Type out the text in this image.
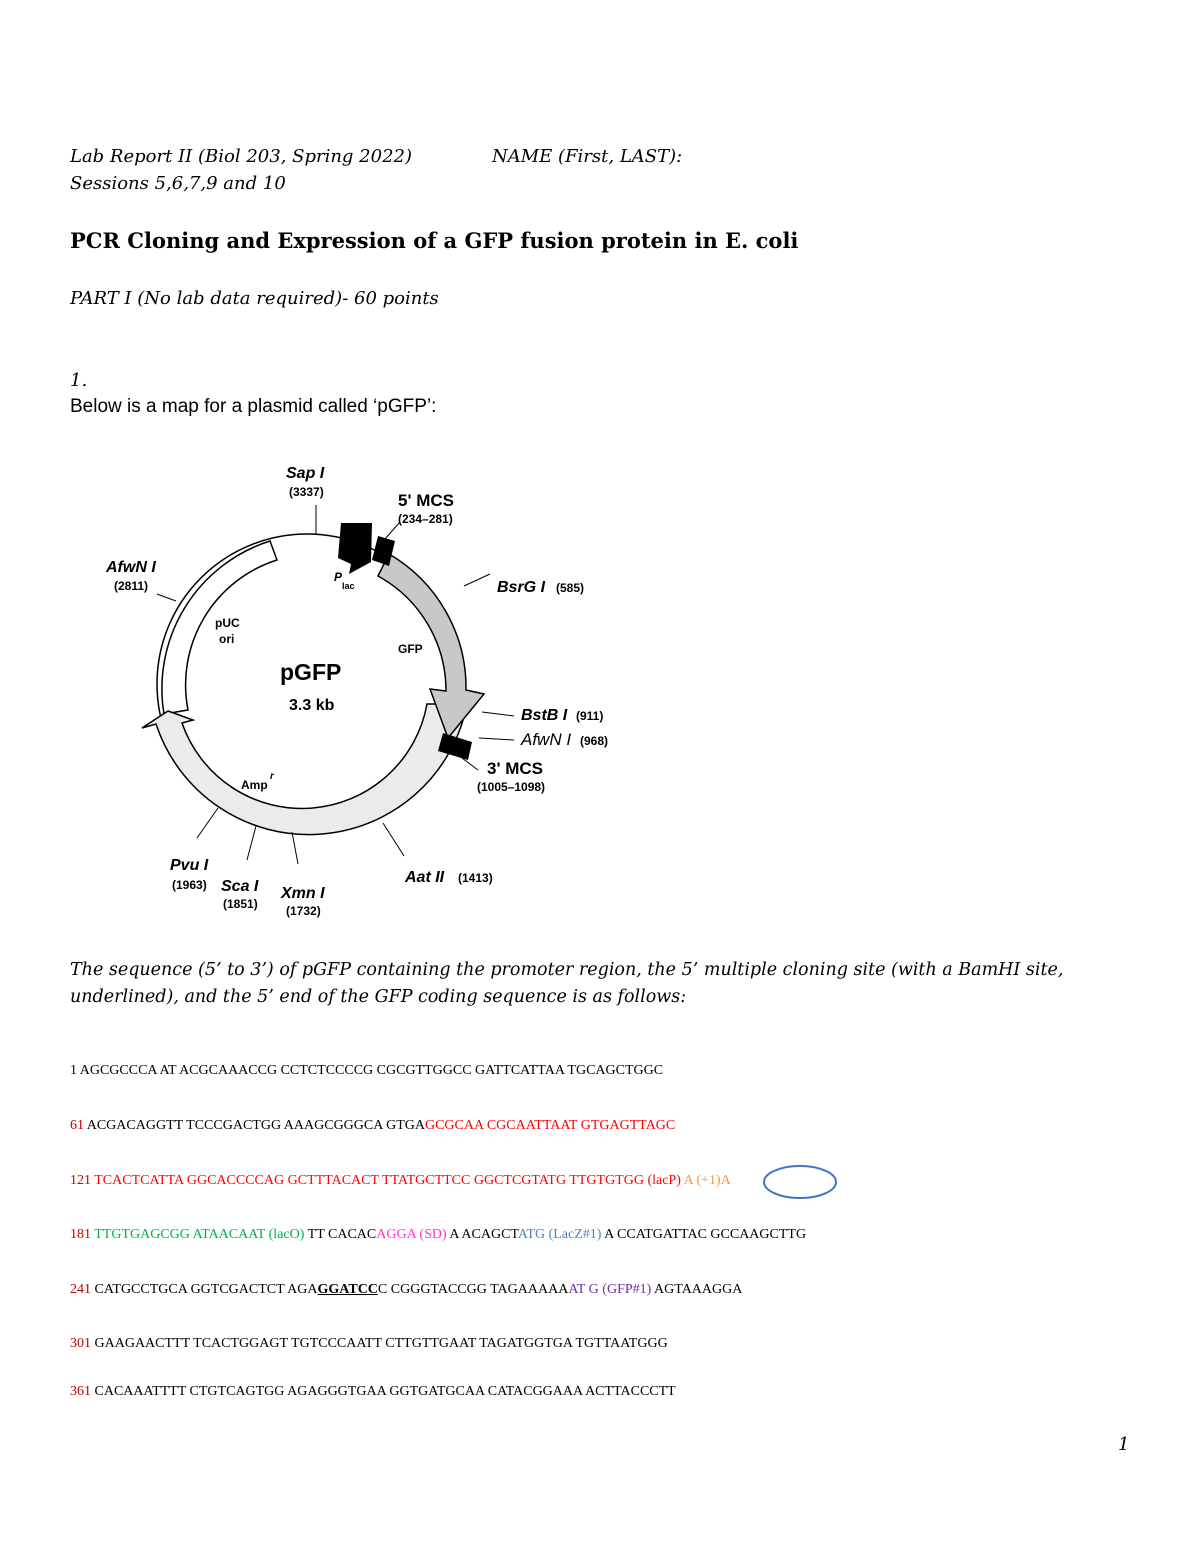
Lab Report II (Biol 203, Spring 2022)	NAME (First, LAST):
Sessions 5,6,7,9 and 10
PCR Cloning and Expression of a GFP fusion protein in E. coli
PART I (No lab data required)- 60 points
1.
Below is a map for a plasmid called ‘pGFP’:
pGFP
3.3 kb
GFP
pUC
ori
Amp
r
P
lac
Sap I
(3337)	5' MCS
(234–281)
BsrG I (585)
BstB I (911)
AfwN I (968)
3' MCS
(1005–1098)
Aat II (1413)
Xmn I
(1732)
Sca I
(1851)
Pvu I
(1963)
AfwN I
(2811)
The sequence (5’ to 3’) of pGFP containing the promoter region, the 5’ multiple cloning site (with a BamHI site, underlined), and the 5’ end of the GFP coding sequence is as follows:
1 AGCGCCCA AT ACGCAAACCG CCTCTCCCCG CGCGTTGGCC GATTCATTAA TGCAGCTGGC
61 ACGACAGGTT TCCCGACTGG AAAGCGGGCA GTGAGCGCAA CGCAATTAAT GTGAGTTAGC
121 TCACTCATTA GGCACCCCAG GCTTTACACT TTATGCTTCC GGCTCGTATG TTGTGTGG (lacP) A (+1)A
181 TTGTGAGCGG ATAACAAT (lacO) TT CACACAGGA (SD) A ACAGCTATG (LacZ#1) A CCATGATTAC GCCAAGCTTG
241 CATGCCTGCA GGTCGACTCT AGAGGATCCC CGGGTACCGG TAGAAAAAAT G (GFP#1) AGTAAAGGA
301 GAAGAACTTT TCACTGGAGT TGTCCCAATT CTTGTTGAAT TAGATGGTGA TGTTAATGGG
361 CACAAATTTT CTGTCAGTGG AGAGGGTGAA GGTGATGCAA CATACGGAAA ACTTACCCTT
1
